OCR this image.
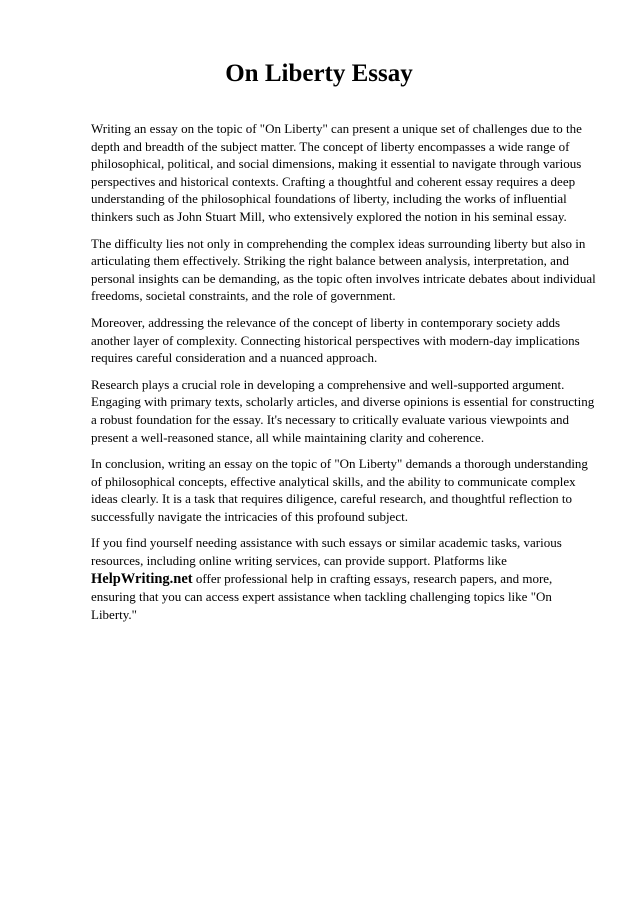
On Liberty Essay

Writing an essay on the topic of "On Liberty" can present a unique set of challenges due to the depth and breadth of the subject matter. The concept of liberty encompasses a wide range of philosophical, political, and social dimensions, making it essential to navigate through various perspectives and historical contexts. Crafting a thoughtful and coherent essay requires a deep understanding of the philosophical foundations of liberty, including the works of influential thinkers such as John Stuart Mill, who extensively explored the notion in his seminal essay.

The difficulty lies not only in comprehending the complex ideas surrounding liberty but also in articulating them effectively. Striking the right balance between analysis, interpretation, and personal insights can be demanding, as the topic often involves intricate debates about individual freedoms, societal constraints, and the role of government.

Moreover, addressing the relevance of the concept of liberty in contemporary society adds another layer of complexity. Connecting historical perspectives with modern-day implications requires careful consideration and a nuanced approach.

Research plays a crucial role in developing a comprehensive and well-supported argument. Engaging with primary texts, scholarly articles, and diverse opinions is essential for constructing a robust foundation for the essay. It's necessary to critically evaluate various viewpoints and present a well-reasoned stance, all while maintaining clarity and coherence.

In conclusion, writing an essay on the topic of "On Liberty" demands a thorough understanding of philosophical concepts, effective analytical skills, and the ability to communicate complex ideas clearly. It is a task that requires diligence, careful research, and thoughtful reflection to successfully navigate the intricacies of this profound subject.

If you find yourself needing assistance with such essays or similar academic tasks, various resources, including online writing services, can provide support. Platforms like HelpWriting.net offer professional help in crafting essays, research papers, and more, ensuring that you can access expert assistance when tackling challenging topics like "On Liberty."
